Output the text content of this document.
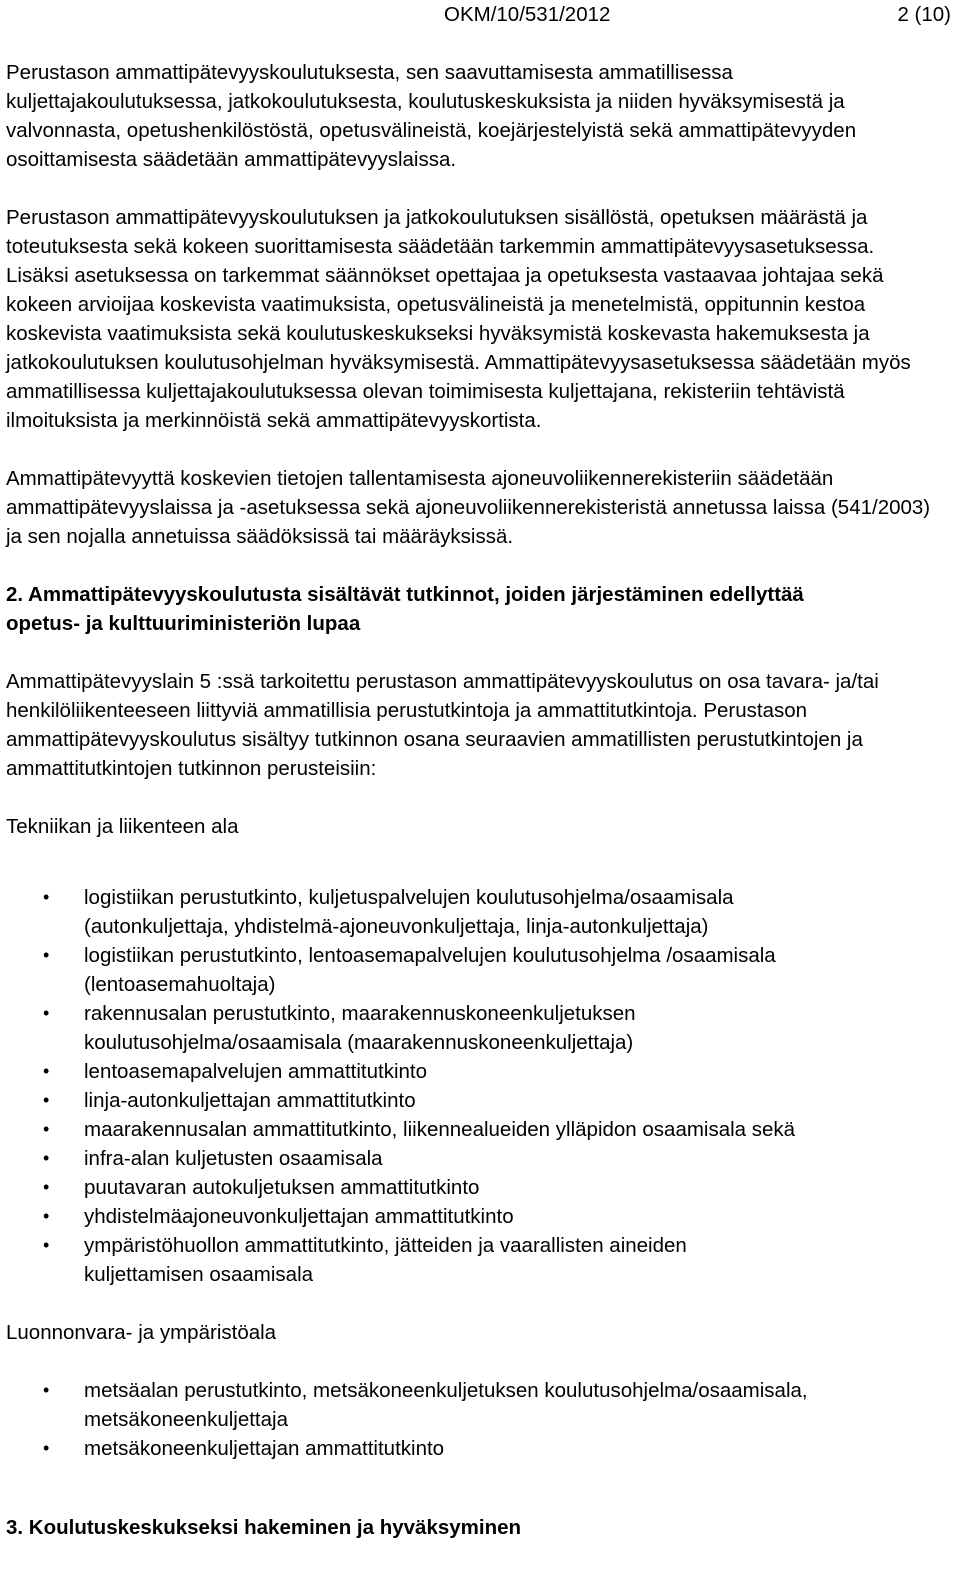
OKM/10/531/2012	2 (10)

Perustason ammattipätevyyskoulutuksesta, sen saavuttamisesta ammatillisessa kuljettajakoulutuksessa, jatkokoulutuksesta, koulutuskeskuksista ja niiden hyväksymisestä ja valvonnasta, opetushenkilöstöstä, opetusvälineistä, koejärjestelyistä sekä ammattipätevyyden osoittamisesta säädetään ammattipätevyyslaissa.

Perustason ammattipätevyyskoulutuksen ja jatkokoulutuksen sisällöstä, opetuksen määrästä ja toteutuksesta sekä kokeen suorittamisesta säädetään tarkemmin ammattipätevyysasetuksessa. Lisäksi asetuksessa on tarkemmat säännökset opettajaa ja opetuksesta vastaavaa johtajaa sekä kokeen arvioijaa koskevista vaatimuksista, opetusvälineistä ja menetelmistä, oppitunnin kestoa koskevista vaatimuksista sekä koulutuskeskukseksi hyväksymistä koskevasta hakemuksesta ja jatkokoulutuksen koulutusohjelman hyväksymisestä. Ammattipätevyysasetuksessa säädetään myös ammatillisessa kuljettajakoulutuksessa olevan toimimisesta kuljettajana, rekisteriin tehtävistä ilmoituksista ja merkinnöistä sekä ammattipätevyyskortista.

Ammattipätevyyttä koskevien tietojen tallentamisesta ajoneuvoliikennerekisteriin säädetään ammattipätevyyslaissa ja -asetuksessa sekä ajoneuvoliikennerekisteristä annetussa laissa (541/2003) ja sen nojalla annetuissa säädöksissä tai määräyksissä.

2. Ammattipätevyyskoulutusta sisältävät tutkinnot, joiden järjestäminen edellyttää opetus- ja kulttuuriministeriön lupaa

Ammattipätevyyslain 5 :ssä tarkoitettu perustason ammattipätevyyskoulutus on osa tavara- ja/tai henkilöliikenteeseen liittyviä ammatillisia perustutkintoja ja ammattitutkintoja. Perustason ammattipätevyyskoulutus sisältyy tutkinnon osana seuraavien ammatillisten perustutkintojen ja ammattitutkintojen tutkinnon perusteisiin:

Tekniikan ja liikenteen ala

• logistiikan perustutkinto, kuljetuspalvelujen koulutusohjelma/osaamisala
(autonkuljettaja, yhdistelmä-ajoneuvonkuljettaja, linja-autonkuljettaja)
• logistiikan perustutkinto, lentoasemapalvelujen koulutusohjelma /osaamisala
(lentoasemahuoltaja)
• rakennusalan perustutkinto, maarakennuskoneenkuljetuksen
koulutusohjelma/osaamisala (maarakennuskoneenkuljettaja)
• lentoasemapalvelujen ammattitutkinto
• linja-autonkuljettajan ammattitutkinto
• maarakennusalan ammattitutkinto, liikennealueiden ylläpidon osaamisala sekä
• infra-alan kuljetusten osaamisala
• puutavaran autokuljetuksen ammattitutkinto
• yhdistelmäajoneuvonkuljettajan ammattitutkinto
• ympäristöhuollon ammattitutkinto, jätteiden ja vaarallisten aineiden
kuljettamisen osaamisala

Luonnonvara- ja ympäristöala

• metsäalan perustutkinto, metsäkoneenkuljetuksen koulutusohjelma/osaamisala,
metsäkoneenkuljettaja
• metsäkoneenkuljettajan ammattitutkinto
3. Koulutuskeskukseksi hakeminen ja hyväksyminen
